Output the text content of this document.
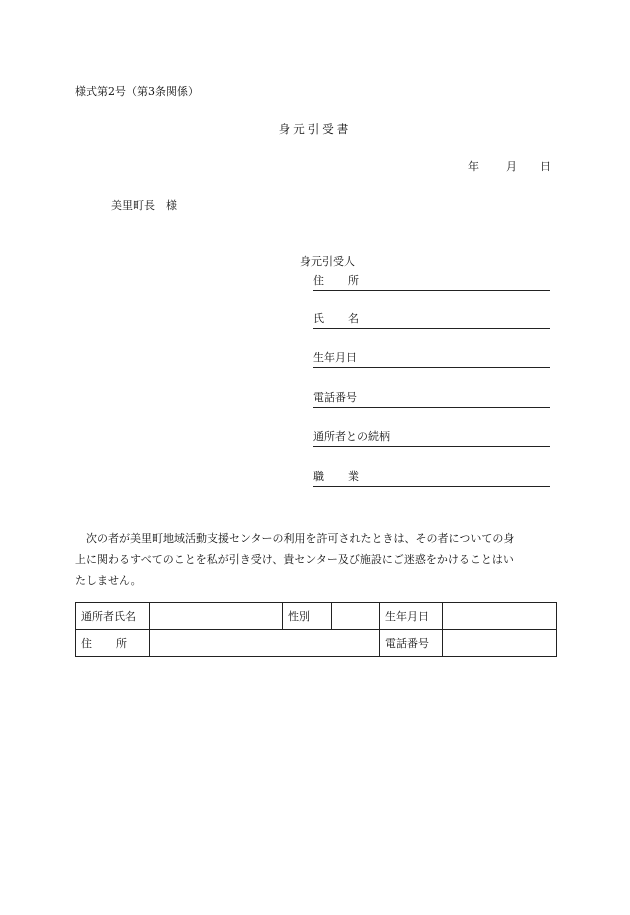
様式第2号（第3条関係）
身元引受書
年 月 日
美里町長　様
身元引受人
住所
氏名
生年月日
電話番号
通所者との続柄
職業

　次の者が美里町地域活動支援センターの利用を許可されたときは、その者についての身

上に関わるすべてのことを私が引き受け、貴センター及び施設にご迷惑をかけることはい

たしません。

通所者氏名		性別		生年月日	
住所				電話番号	
